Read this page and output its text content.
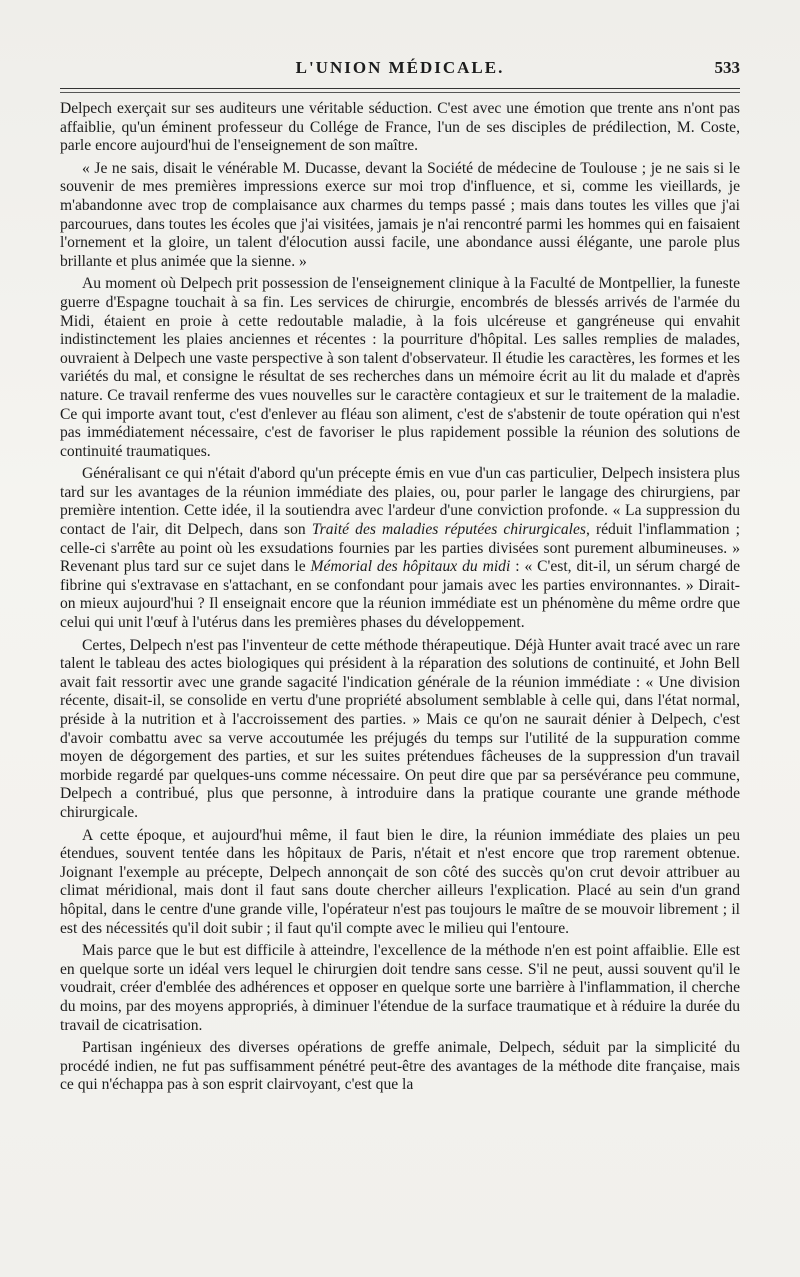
L'UNION MÉDICALE.	533

Delpech exerçait sur ses auditeurs une véritable séduction. C'est avec une émotion que trente ans n'ont pas affaiblie, qu'un éminent professeur du Collége de France, l'un de ses disciples de prédilection, M. Coste, parle encore aujourd'hui de l'enseignement de son maître.

« Je ne sais, disait le vénérable M. Ducasse, devant la Société de médecine de Toulouse ; je ne sais si le souvenir de mes premières impressions exerce sur moi trop d'influence, et si, comme les vieillards, je m'abandonne avec trop de complaisance aux charmes du temps passé ; mais dans toutes les villes que j'ai parcourues, dans toutes les écoles que j'ai visitées, jamais je n'ai rencontré parmi les hommes qui en faisaient l'ornement et la gloire, un talent d'élocution aussi facile, une abondance aussi élégante, une parole plus brillante et plus animée que la sienne. »

Au moment où Delpech prit possession de l'enseignement clinique à la Faculté de Montpellier, la funeste guerre d'Espagne touchait à sa fin. Les services de chirurgie, encombrés de blessés arrivés de l'armée du Midi, étaient en proie à cette redoutable maladie, à la fois ulcéreuse et gangréneuse qui envahit indistinctement les plaies anciennes et récentes : la pourriture d'hôpital. Les salles remplies de malades, ouvraient à Delpech une vaste perspective à son talent d'observateur. Il étudie les caractères, les formes et les variétés du mal, et consigne le résultat de ses recherches dans un mémoire écrit au lit du malade et d'après nature. Ce travail renferme des vues nouvelles sur le caractère contagieux et sur le traitement de la maladie. Ce qui importe avant tout, c'est d'enlever au fléau son aliment, c'est de s'abstenir de toute opération qui n'est pas immédiatement nécessaire, c'est de favoriser le plus rapidement possible la réunion des solutions de continuité traumatiques.

Généralisant ce qui n'était d'abord qu'un précepte émis en vue d'un cas particulier, Delpech insistera plus tard sur les avantages de la réunion immédiate des plaies, ou, pour parler le langage des chirurgiens, par première intention. Cette idée, il la soutiendra avec l'ardeur d'une conviction profonde. « La suppression du contact de l'air, dit Delpech, dans son Traité des maladies réputées chirurgicales, réduit l'inflammation ; celle-ci s'arrête au point où les exsudations fournies par les parties divisées sont purement albumineuses. » Revenant plus tard sur ce sujet dans le Mémorial des hôpitaux du midi : « C'est, dit-il, un sérum chargé de fibrine qui s'extravase en s'attachant, en se confondant pour jamais avec les parties environnantes. » Dirait-on mieux aujourd'hui ? Il enseignait encore que la réunion immédiate est un phénomène du même ordre que celui qui unit l'œuf à l'utérus dans les premières phases du développement.

Certes, Delpech n'est pas l'inventeur de cette méthode thérapeutique. Déjà Hunter avait tracé avec un rare talent le tableau des actes biologiques qui président à la réparation des solutions de continuité, et John Bell avait fait ressortir avec une grande sagacité l'indication générale de la réunion immédiate : « Une division récente, disait-il, se consolide en vertu d'une propriété absolument semblable à celle qui, dans l'état normal, préside à la nutrition et à l'accroissement des parties. » Mais ce qu'on ne saurait dénier à Delpech, c'est d'avoir combattu avec sa verve accoutumée les préjugés du temps sur l'utilité de la suppuration comme moyen de dégorgement des parties, et sur les suites prétendues fâcheuses de la suppression d'un travail morbide regardé par quelques-uns comme nécessaire. On peut dire que par sa persévérance peu commune, Delpech a contribué, plus que personne, à introduire dans la pratique courante une grande méthode chirurgicale.

A cette époque, et aujourd'hui même, il faut bien le dire, la réunion immédiate des plaies un peu étendues, souvent tentée dans les hôpitaux de Paris, n'était et n'est encore que trop rarement obtenue. Joignant l'exemple au précepte, Delpech annonçait de son côté des succès qu'on crut devoir attribuer au climat méridional, mais dont il faut sans doute chercher ailleurs l'explication. Placé au sein d'un grand hôpital, dans le centre d'une grande ville, l'opérateur n'est pas toujours le maître de se mouvoir librement ; il est des nécessités qu'il doit subir ; il faut qu'il compte avec le milieu qui l'entoure.

Mais parce que le but est difficile à atteindre, l'excellence de la méthode n'en est point affaiblie. Elle est en quelque sorte un idéal vers lequel le chirurgien doit tendre sans cesse. S'il ne peut, aussi souvent qu'il le voudrait, créer d'emblée des adhérences et opposer en quelque sorte une barrière à l'inflammation, il cherche du moins, par des moyens appropriés, à diminuer l'étendue de la surface traumatique et à réduire la durée du travail de cicatrisation.

Partisan ingénieux des diverses opérations de greffe animale, Delpech, séduit par la simplicité du procédé indien, ne fut pas suffisamment pénétré peut-être des avantages de la méthode dite française, mais ce qui n'échappa pas à son esprit clairvoyant, c'est que la
